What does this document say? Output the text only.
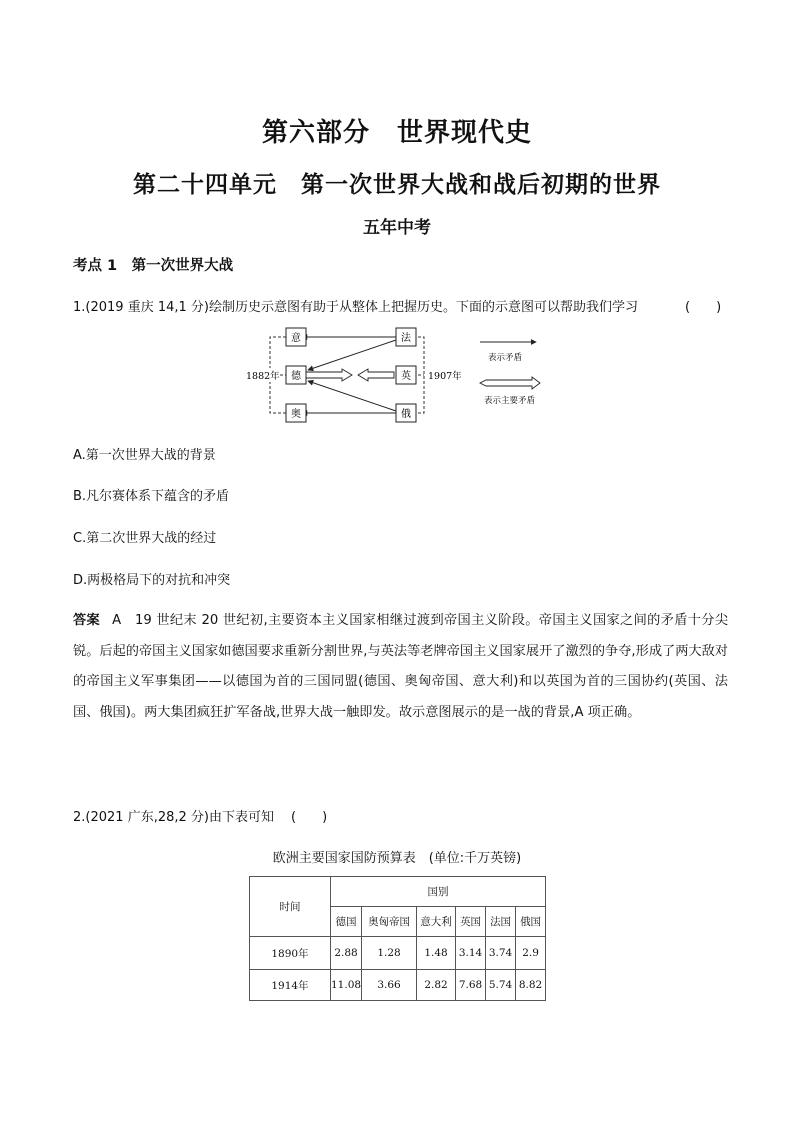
第六部分　世界现代史
第二十四单元　第一次世界大战和战后初期的世界
五年中考
考点 1　第一次世界大战
1.(2019 重庆 14,1 分)绘制历史示意图有助于从整体上把握历史。下面的示意图可以帮助我们学习	(　　)
1882年	1907年
意
德
奥
法
英
俄
表示矛盾
表示主要矛盾
A.第一次世界大战的背景
B.凡尔赛体系下蕴含的矛盾
C.第二次世界大战的经过
D.两极格局下的对抗和冲突
答案 A　19 世纪末 20 世纪初,主要资本主义国家相继过渡到帝国主义阶段。帝国主义国家之间的矛盾十分尖锐。后起的帝国主义国家如德国要求重新分割世界,与英法等老牌帝国主义国家展开了激烈的争夺,形成了两大敌对的帝国主义军事集团——以德国为首的三国同盟(德国、奥匈帝国、意大利)和以英国为首的三国协约(英国、法国、俄国)。两大集团疯狂扩军备战,世界大战一触即发。故示意图展示的是一战的背景,A 项正确。
2.(2021 广东,28,2 分)由下表可知 (　　)
欧洲主要国家国防预算表　(单位:千万英镑)
时间	国别					
	德国	奥匈帝国	意大利	英国	法国	俄国
1890年	2.88	1.28	1.48	3.14	3.74	2.9
1914年	11.08	3.66	2.82	7.68	5.74	8.82
